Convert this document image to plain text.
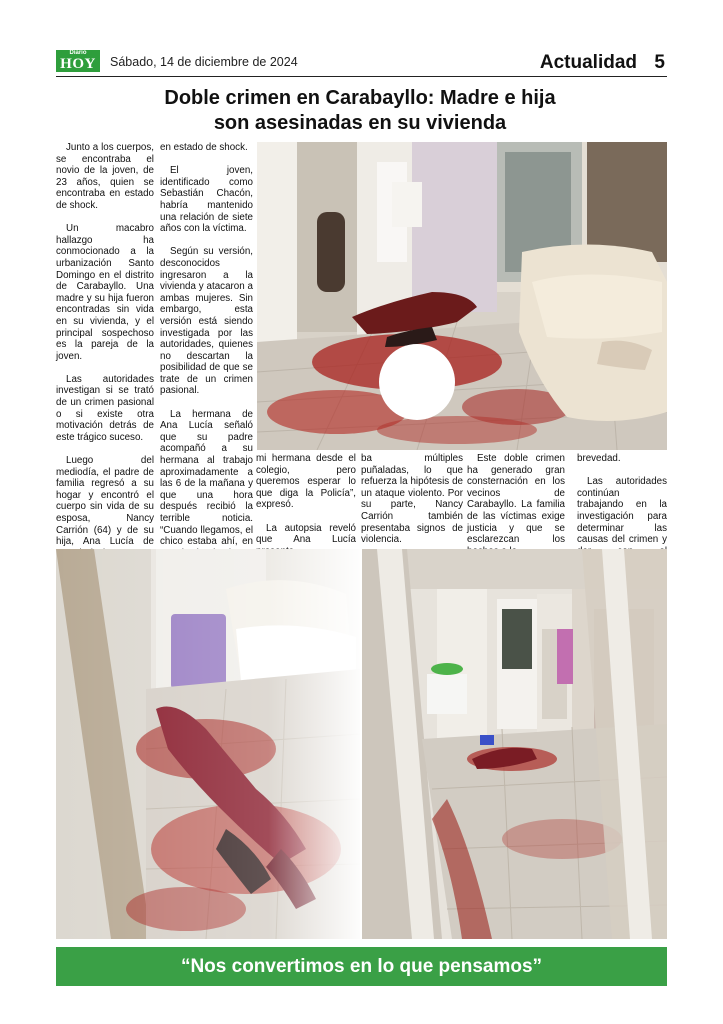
Diario
HOY	Sábado, 14 de diciembre de 2024	Actualidad 5
Doble crimen en Carabayllo: Madre e hija
son asesinadas en su vivienda

Junto a los cuerpos, se encontraba el novio de la joven, de 23 años, quien se encontraba en estado de shock.

Un macabro hallazgo ha conmocionado a la urbanización Santo Domingo en el distrito de Carabayllo. Una madre y su hija fueron encontradas sin vida en su vivienda, y el principal sospechoso es la pareja de la joven.

Las autoridades investigan si se trató de un crimen pasional o si existe otra motivación detrás de este trágico suceso.

Luego del mediodía, el padre de familia regresó a su hogar y encontró el cuerpo sin vida de su esposa, Nancy Carrión (64) y de su hija, Ana Lucía de

en estado de shock.

El joven, identificado como Sebastián Chacón, habría mantenido una relación de siete años con la víctima.

Según su versión, desconocidos ingresaron a la vivienda y atacaron a ambas mujeres. Sin embargo, esta versión está siendo investigada por las autoridades, quienes no descartan la posibilidad de que se trate de un crimen pasional.

La hermana de Ana Lucía señaló que su padre acompañó a su hermana al trabajo aproximadamente a las 6 de la mañana y que una hora después recibió la terrible noticia. “Cuando llegamos, el chico estaba ahí, en

mi hermana desde el colegio, pero queremos esperar lo que diga la Policía”, expresó.

La autopsia reveló que Ana Lucía

ba múltiples puñaladas, lo que refuerza la hipótesis de un ataque violento. Por su parte, Nancy Carrión también presentaba signos de violencia.

Este doble crimen ha generado gran consternación en los vecinos de Carabayllo. La familia de las víctimas exige justicia y que se esclarezcan los

brevedad.

Las autoridades continúan trabajando en la investigación para determinar las causas del crimen y

“Nos convertimos en lo que pensamos”
